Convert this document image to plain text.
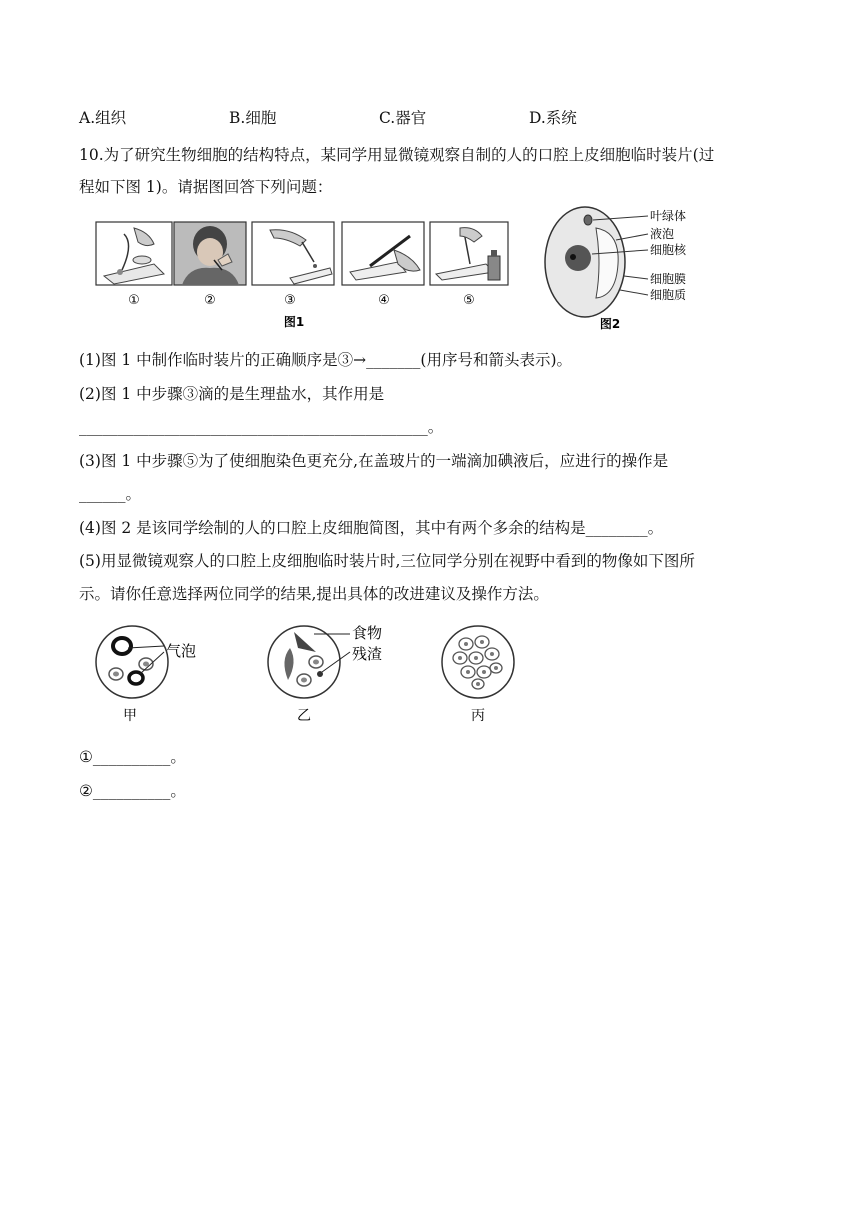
A.组织	B.细胞	C.器官	D.系统
10.为了研究生物细胞的结构特点，某同学用显微镜观察自制的人的口腔上皮细胞临时装片(过
程如下图 1)。请据图回答下列问题：
①	②	③	④	⑤
图1
叶绿体
液泡
细胞核
细胞膜
细胞质
图2
(1)图 1 中制作临时装片的正确顺序是③→_______(用序号和箭头表示)。
(2)图 1 中步骤③滴的是生理盐水，其作用是
_____________________________________________。
(3)图 1 中步骤⑤为了使细胞染色更充分,在盖玻片的一端滴加碘液后，应进行的操作是
______。
(4)图 2 是该同学绘制的人的口腔上皮细胞简图，其中有两个多余的结构是________。
(5)用显微镜观察人的口腔上皮细胞临时装片时,三位同学分别在视野中看到的物像如下图所
示。请你任意选择两位同学的结果,提出具体的改进建议及操作方法。
气泡
甲
食物
残渣
乙	丙
①__________。
②__________。
